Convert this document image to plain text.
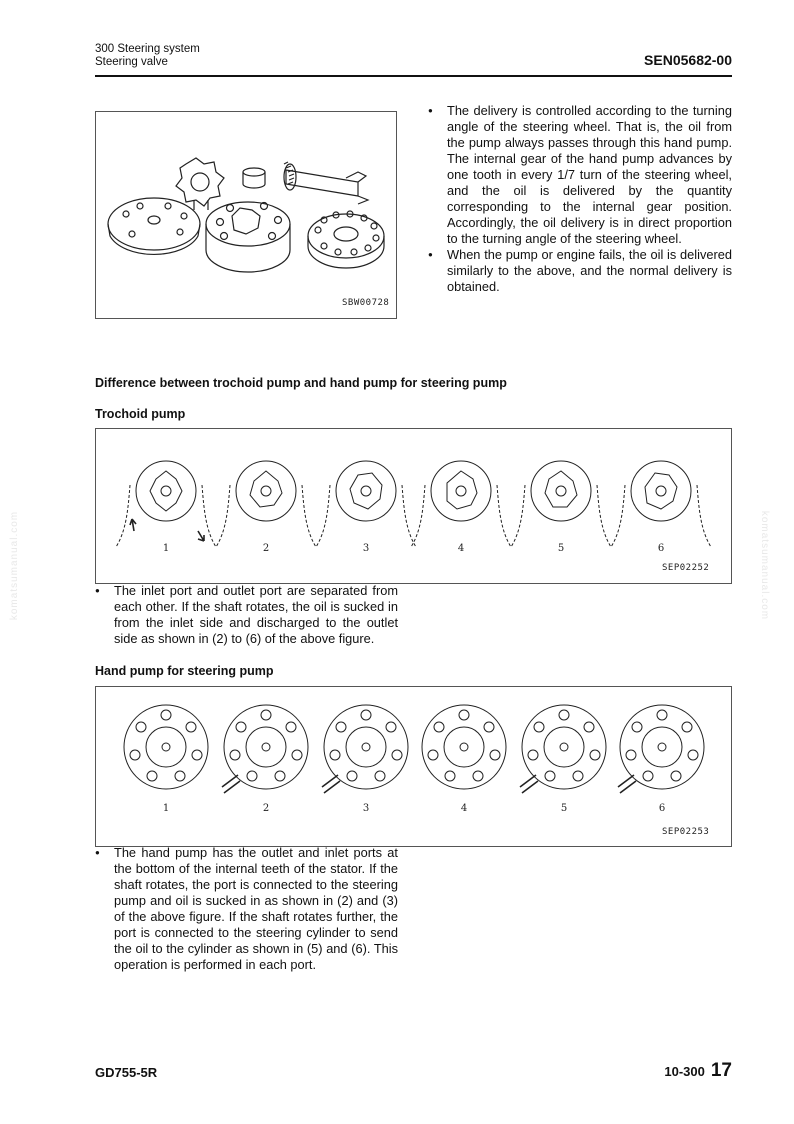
300 Steering system
Steering valve	SEN05682-00
komatsumanual.com	komatsumanual.com
SBW00728

● The delivery is controlled according to the turning angle of the steering wheel. That is, the oil from the pump always passes through this hand pump. The internal gear of the hand pump advances by one tooth in every 1/7 turn of the steering wheel, and the oil is delivered by the quantity corresponding to the internal gear position. Accordingly, the oil delivery is in direct proportion to the turning angle of the steering wheel.

● When the pump or engine fails, the oil is delivered similarly to the above, and the normal delivery is obtained.

Difference between trochoid pump and hand pump for steering pump
Trochoid pump
1	2	3	4	5	6
SEP02252

● The inlet port and outlet port are separated from each other. If the shaft rotates, the oil is sucked in from the inlet side and discharged to the outlet side as shown in (2) to (6) of the above figure.

Hand pump for steering pump
1	2	3	4	5	6
SEP02253

● The hand pump has the outlet and inlet ports at the bottom of the internal teeth of the stator. If the shaft rotates, the port is connected to the steering pump and oil is sucked in as shown in (2) and (3) of the above figure. If the shaft rotates further, the port is connected to the steering cylinder to send the oil to the cylinder as shown in (5) and (6). This operation is performed in each port.

GD755-5R	10-300 17
